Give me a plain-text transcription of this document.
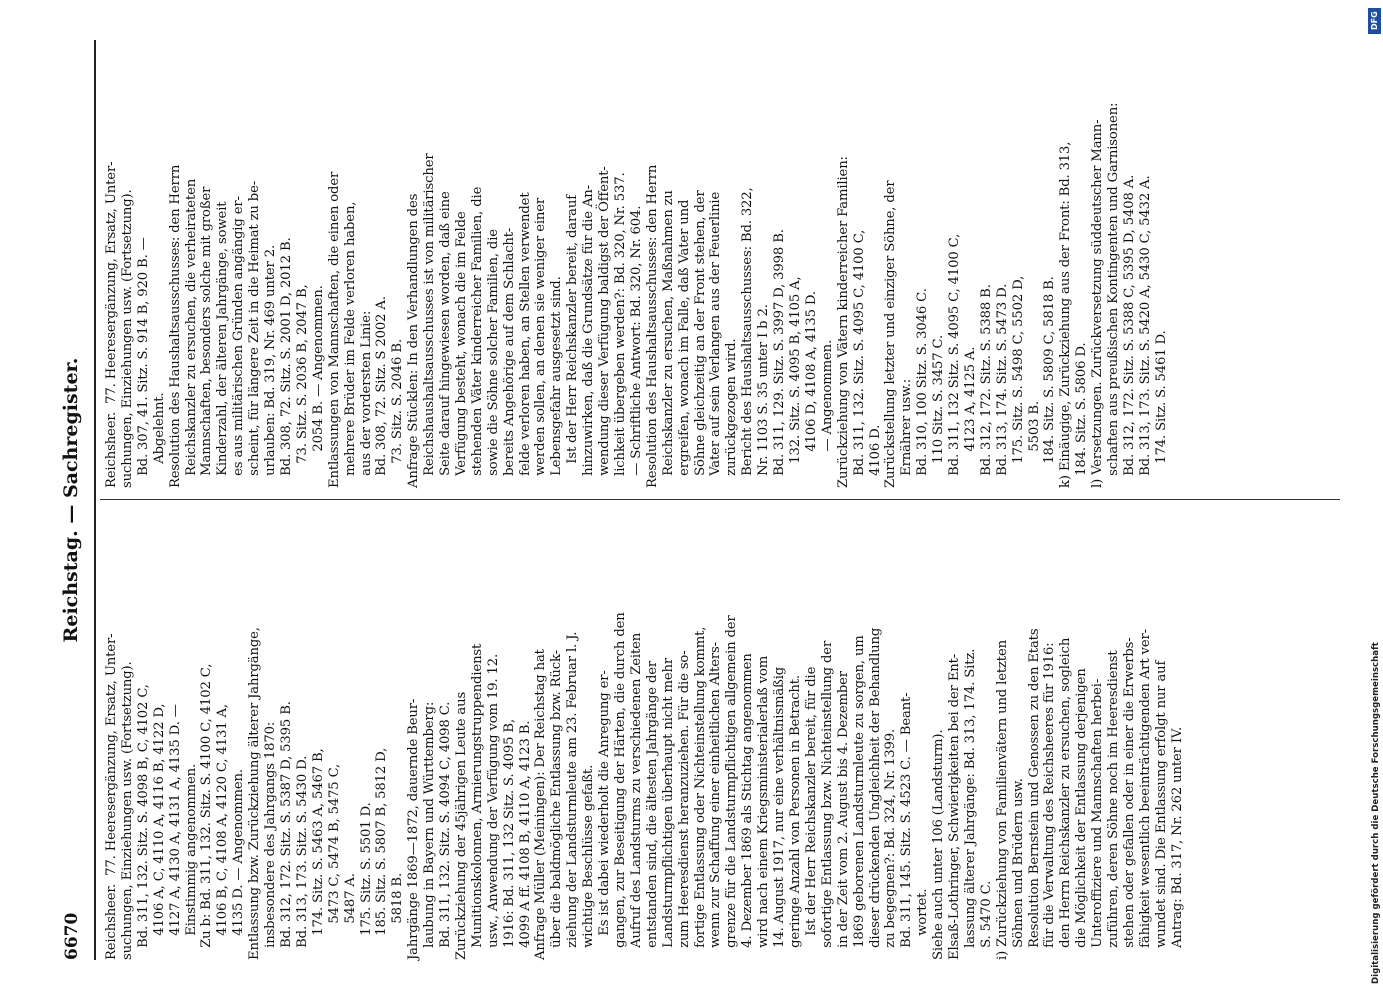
6670
Reichstag. — Sachregister.
Reichsheer.  77. Heeresergänzung, Ersatz, Unter- suchungen, Einziehungen usw. (Fortsetzung). Bd. 311, 132. Sitz. S. 4098 B, C, 4102 C,
4106 A, C, 4110 A, 4116 B, 4122 D,
4127 A, 4130 A, 4131 A, 4135 D. —
Einstimmig angenommen.
Zu b: Bd. 311, 132. Sitz. S. 4100 C, 4102 C,
4106 B, C, 4108 A, 4120 C, 4131 A,
4135 D. — Angenommen. Entlassung bzw. Zurückziehung älterer Jahrgänge, insbesondere des Jahrgangs 1870:
Bd. 312, 172. Sitz. S. 5387 D, 5395 B.
Bd. 313, 173. Sitz. S. 5430 D.
174. Sitz. S. 5463 A, 5467 B,
5473 C, 5474 B, 5475 C,
5487 A.
175. Sitz. S. 5501 D.
185. Sitz. S. 5807 B, 5812 D,
5818 B. Jahrgänge 1869—1872, dauernde Beur- laubung in Bayern und Württemberg:
Bd. 311, 132. Sitz. S. 4094 C, 4098 C. Zurückziehung der 45jährigen Leute aus Munitionskolonnen, Armierungstruppendienst
usw., Anwendung der Verfügung vom 19. 12.
1916: Bd. 311, 132 Sitz. S. 4095 B,
4099 A ff. 4108 B, 4110 A, 4123 B. Anfrage Müller (Meiningen): Der Reichstag hat über die baldmögliche Entlassung bzw. Rück-
ziehung der Landsturmleute am 23. Februar l. J.
wichtige Beschlüsse gefaßt.
Es ist dabei wiederholt die Anregung er-
gangen, zur Beseitigung der Härten, die durch den
Aufruf des Landsturms zu verschiedenen Zeiten
entstanden sind, die ältesten Jahrgänge der
Landsturmpflichtigen überhaupt nicht mehr
zum Heeresdienst heranzuziehen. Für die so-
fortige Entlassung oder Nichteinstellung kommt,
wenn zur Schaffung einer einheitlichen Alters-
grenze für die Landsturmpflichtigen allgemein der
4. Dezember 1869 als Stichtag angenommen
wird nach einem Kriegsministerialerlaß vom
14. August 1917, nur eine verhältnismäßig
geringe Anzahl von Personen in Betracht.
Ist der Herr Reichskanzler bereit, für die
sofortige Entlassung bzw. Nichteinstellung der
in der Zeit vom 2. August bis 4. Dezember
1869 geborenen Landsturmleute zu sorgen, um
dieser drückenden Ungleichheit der Behandlung
zu begegnen?: Bd. 324, Nr. 1399.
Bd. 311, 145. Sitz. S. 4523 C. — Beant-
wortet. Siehe auch unter 106 (Landsturm). Elsaß-Lothringer, Schwierigkeiten bei der Ent- lassung älterer Jahrgänge: Bd. 313, 174. Sitz.
S. 5470 C. i) Zurückziehung von Familienvätern und letzten Söhnen und Brüdern usw.
Resolution Bernstein und Genossen zu den Etats
für die Verwaltung des Reichsheeres für 1916:
den Herrn Reichskanzler zu ersuchen, sogleich
die Möglichkeit der Entlassung derjenigen
Unteroffiziere und Mannschaften herbei-
zuführen, deren Söhne noch im Heeresdienst
stehen oder gefallen oder in einer die Erwerbs-
fähigkeit wesentlich beeinträchtigenden Art ver-
wundet sind. Die Entlassung erfolgt nur auf
Antrag: Bd. 317, Nr. 262 unter IV.
Reichsheer.  77. Heeresergänzung, Ersatz, Unter- suchungen, Einziehungen usw. (Fortsetzung). Bd. 307, 41. Sitz. S. 914 B, 920 B. —
Abgelehnt. Resolution des Haushaltsausschusses: den Herrn Reichskanzler zu ersuchen, die verheirateten
Mannschaften, besonders solche mit großer
Kinderzahl, der älteren Jahrgänge, soweit
es aus militärischen Gründen angängig er-
scheint, für längere Zeit in die Heimat zu be-
urlauben: Bd. 319, Nr. 469 unter 2.
Bd. 308, 72. Sitz. S. 2001 D, 2012 B.
73. Sitz. S. 2036 B, 2047 B,
2054 B. — Angenommen. Entlassungen von Mannschaften, die einen oder mehrere Brüder im Felde verloren haben,
aus der vordersten Linie:
Bd. 308, 72. Sitz. S 2002 A.
73. Sitz. S. 2046 B. Anfrage Stücklen: In den Verhandlungen des Reichshaushaltsausschusses ist von militärischer
Seite darauf hingewiesen worden, daß eine
Verfügung besteht, wonach die im Felde
stehenden Väter kinderreicher Familien, die
sowie die Söhne solcher Familien, die
bereits Angehörige auf dem Schlacht-
felde verloren haben, an Stellen verwendet
werden sollen, an denen sie weniger einer
Lebensgefahr ausgesetzt sind.
Ist der Herr Reichskanzler bereit, darauf
hinzuwirken, daß die Grundsätze für die An-
wendung dieser Verfügung baldigst der Öffent-
lichkeit übergeben werden?: Bd. 320, Nr. 537.
— Schriftliche Antwort: Bd. 320, Nr. 604. Resolution des Haushaltsausschusses: den Herrn Reichskanzler zu ersuchen, Maßnahmen zu
ergreifen, wonach im Falle, daß Vater und
Söhne gleichzeitig an der Front stehen, der
Vater auf sein Verlangen aus der Feuerlinie
zurückgezogen wird.
Bericht des Haushaltsausschusses: Bd. 322,
Nr. 1103 S. 35 unter I b 2.
Bd. 311, 129. Sitz. S. 3997 D, 3998 B.
132. Sitz. S. 4095 B, 4105 A,
4106 D, 4108 A, 4135 D.
— Angenommen. Zurückziehung von Vätern kinderreicher Familien: Bd. 311, 132. Sitz. S. 4095 C, 4100 C,
4106 D. Zurückstellung letzter und einziger Söhne, der Ernährer usw.:
Bd. 310, 100 Sitz. S. 3046 C.
110 Sitz. S. 3457 C.
Bd. 311, 132 Sitz. S. 4095 C, 4100 C, 4123 A, 4125 A.
Bd. 312, 172. Sitz. S. 5388 B.
Bd. 313, 174. Sitz. S. 5473 D.
175. Sitz. S. 5498 C, 5502 D,
5503 B.
184. Sitz. S. 5809 C, 5818 B. k) Einäugige, Zurückziehung aus der Front: Bd. 313, 184. Sitz. S. 5806 D. l) Versetzungen. Zurückversetzung süddeutscher Mann- schaften aus preußischen Kontingenten und Garnisonen:
Bd. 312, 172. Sitz. S. 5388 C, 5395 D, 5408 A.
Bd. 313, 173. Sitz. S. 5420 A, 5430 C, 5432 A.
174. Sitz. S. 5461 D.
DFG
Digitalisierung gefördert durch die Deutsche Forschungsgemeinschaft
